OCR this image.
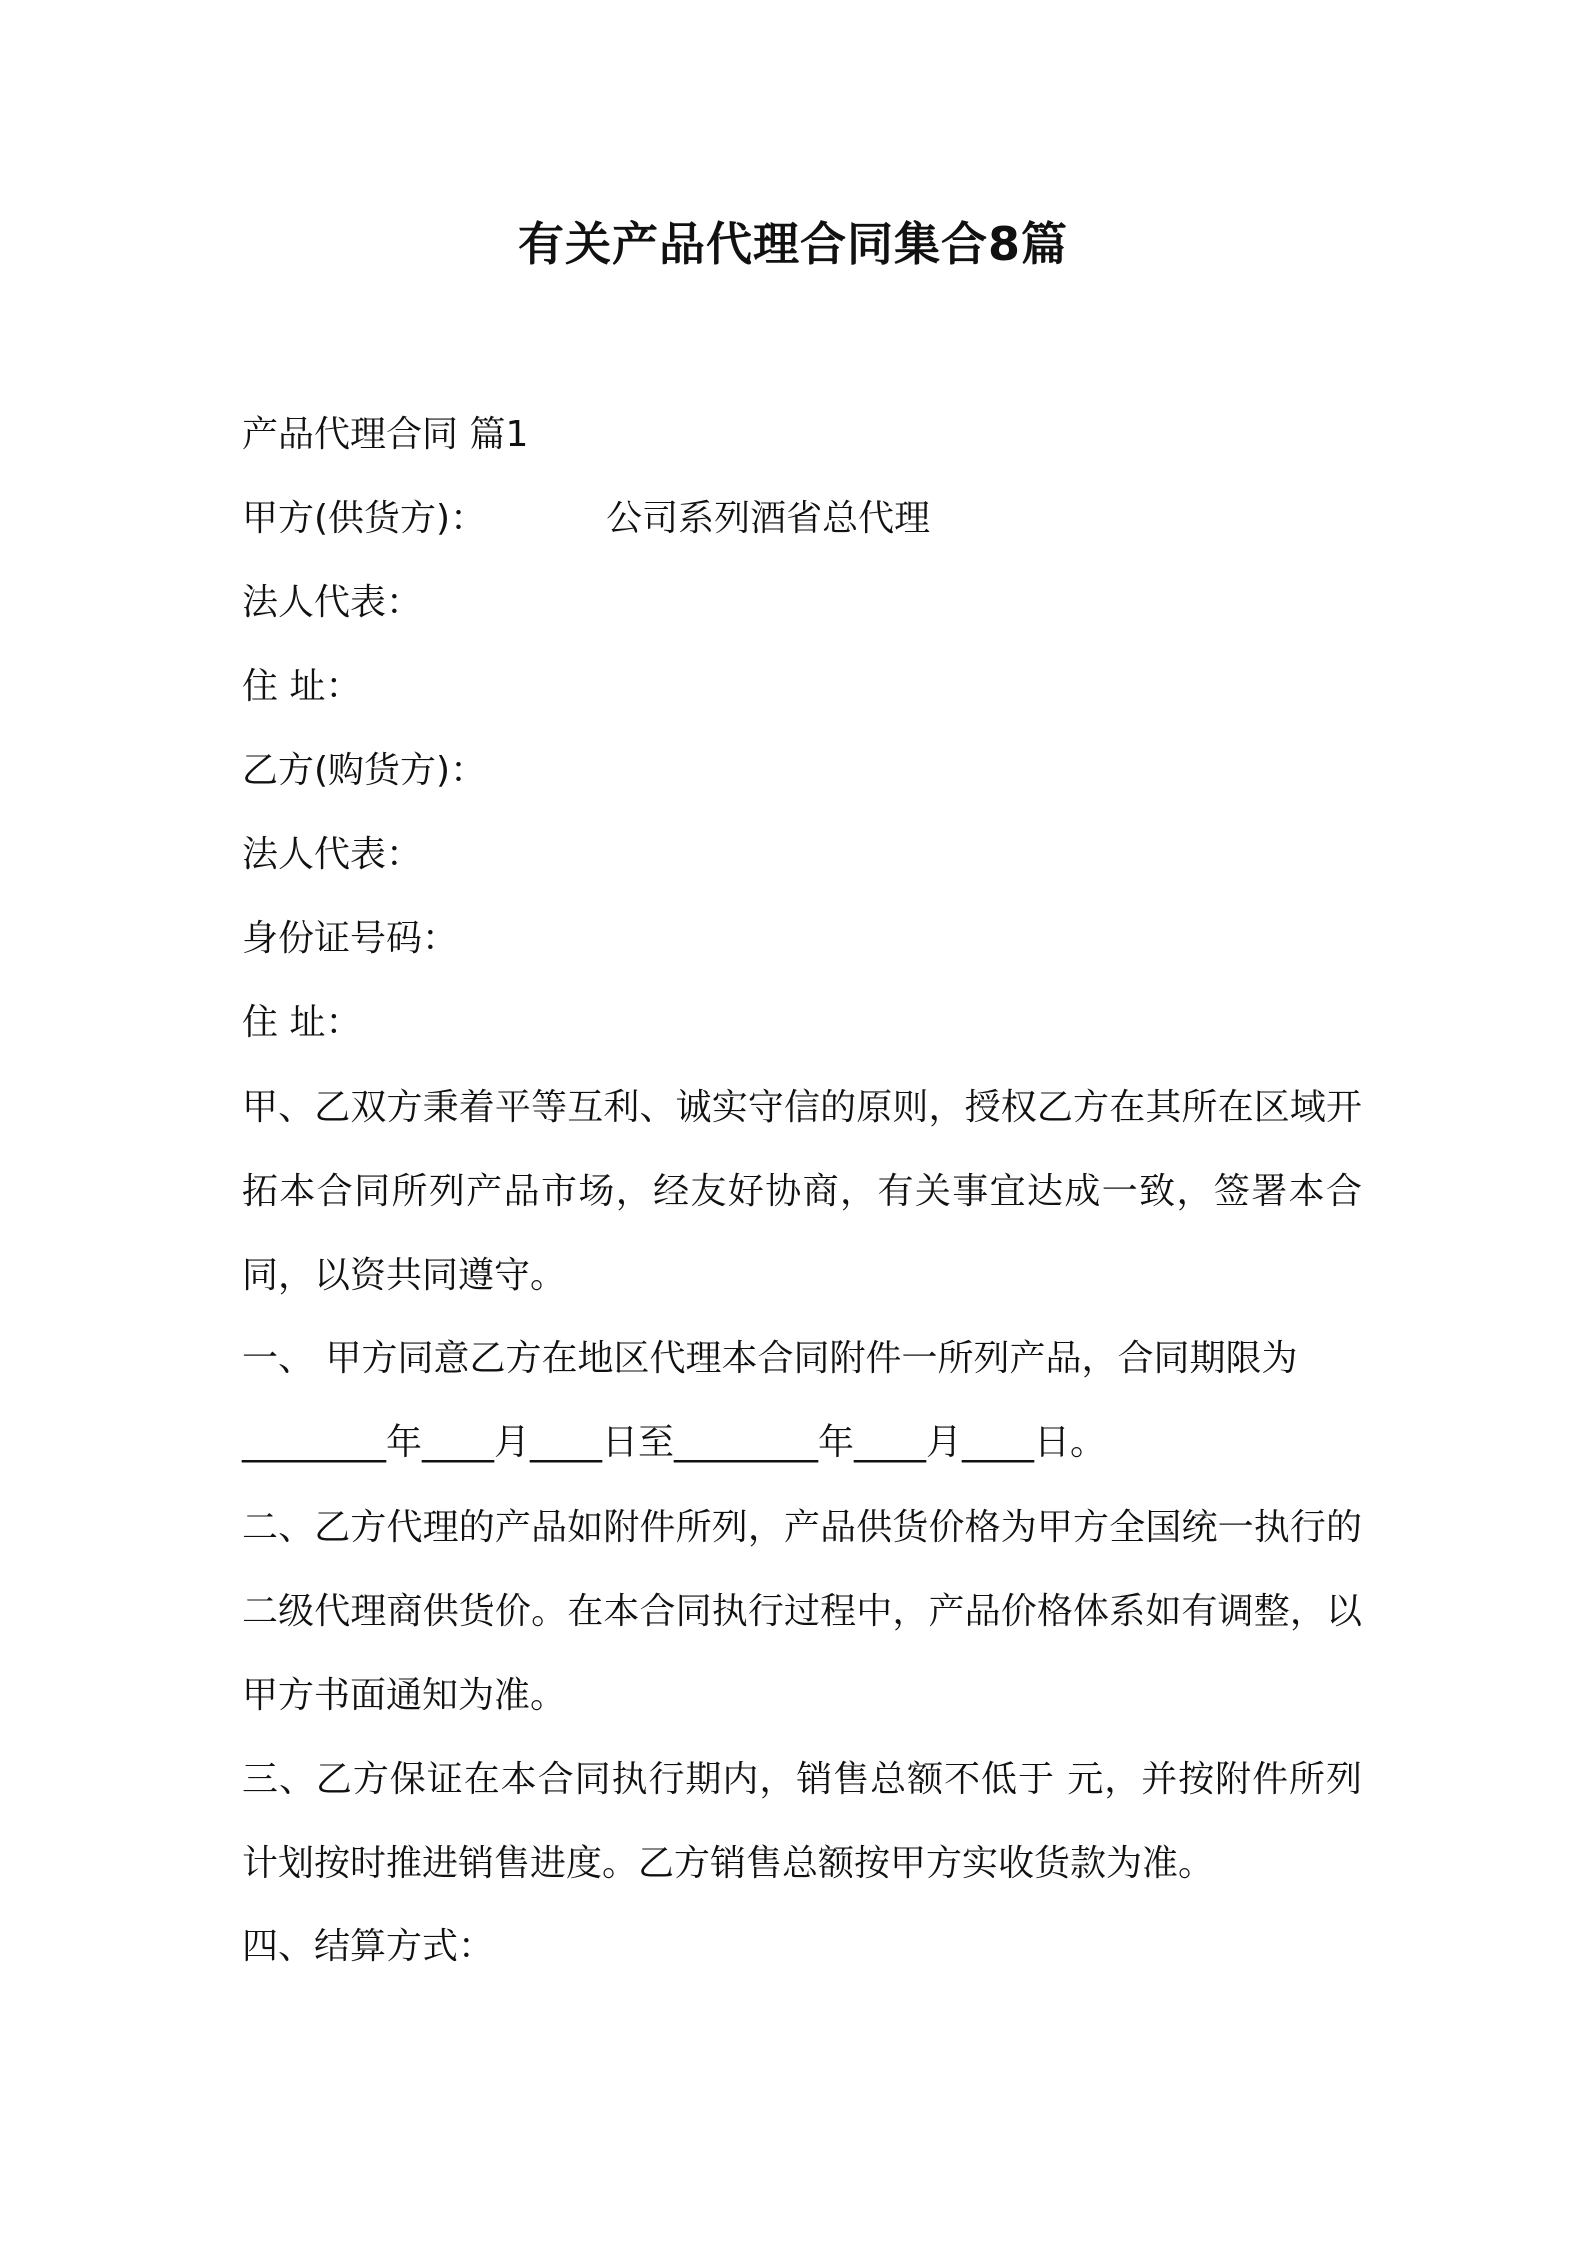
有关产品代理合同集合8篇

产品代理合同 篇1

甲方(供货方)：	公司系列酒省总代理

法人代表：

住 址：

乙方(购货方)：

法人代表：

身份证号码：

住 址：

甲、乙双方秉着平等互利、诚实守信的原则，授权乙方在其所在区域开拓本合同所列产品市场，经友好协商，有关事宜达成一致，签署本合同，以资共同遵守。

一、 甲方同意乙方在地区代理本合同附件一所列产品，合同期限为

________年____月____日至________年____月____日。

二、乙方代理的产品如附件所列，产品供货价格为甲方全国统一执行的二级代理商供货价。在本合同执行过程中，产品价格体系如有调整，以甲方书面通知为准。

三、乙方保证在本合同执行期内，销售总额不低于 元，并按附件所列计划按时推进销售进度。乙方销售总额按甲方实收货款为准。

四、结算方式：
